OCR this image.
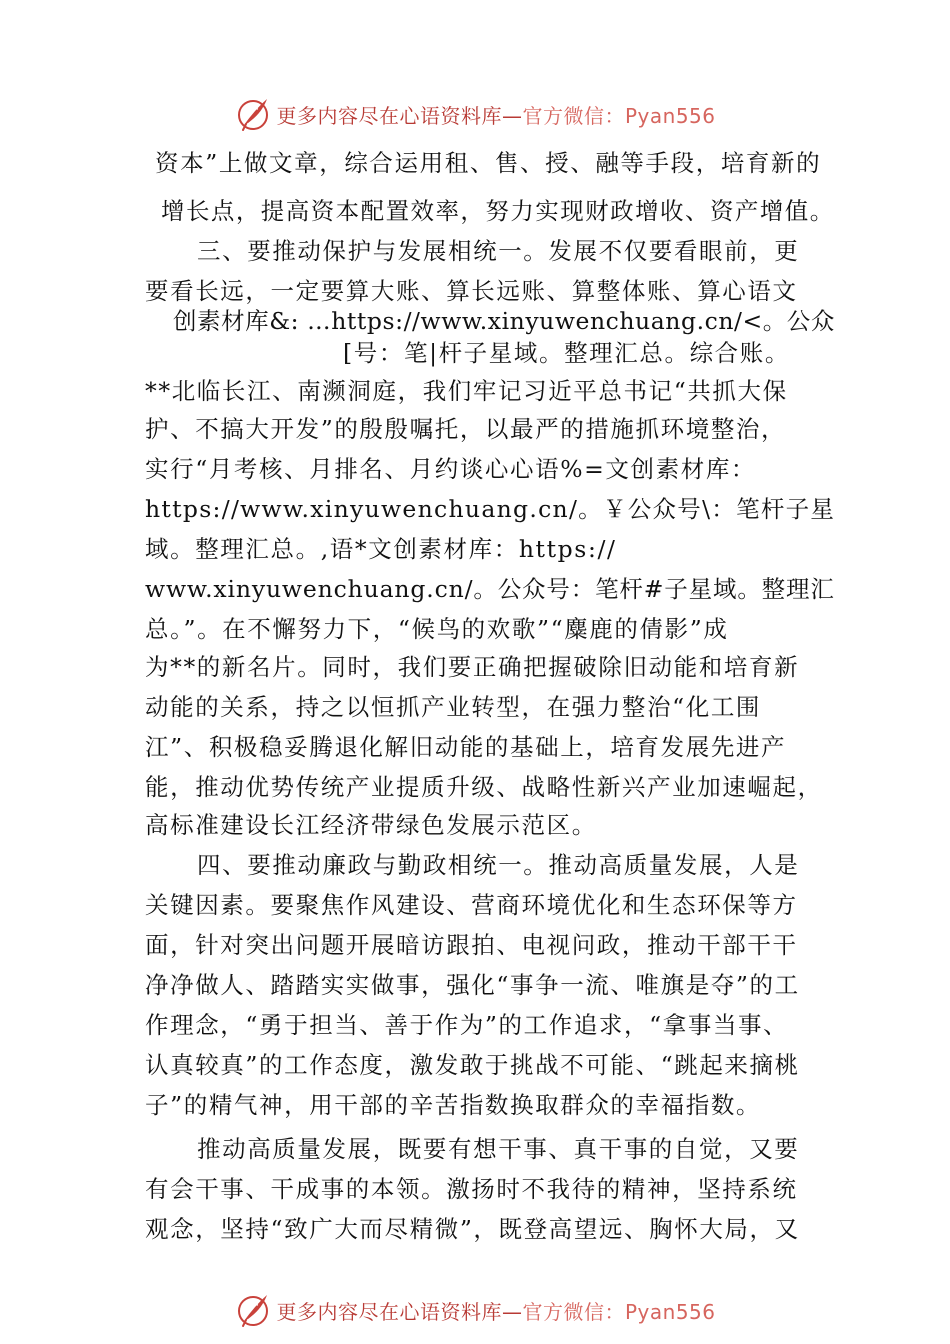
更多内容尽在心语资料库—官方微信：Pyan556
资本”上做文章，综合运用租、售、授、融等手段，培育新的
增长点，提高资本配置效率，努力实现财政增收、资产增值。
三、要推动保护与发展相统一。发展不仅要看眼前，更
要看长远，一定要算大账、算长远账、算整体账、算心语文
创素材库&: …https://www.xinyuwenchuang.cn/<。公众
[号：笔|杆子星域。整理汇总。综合账。
**北临长江、南濒洞庭，我们牢记习近平总书记“共抓大保
护、不搞大开发”的殷殷嘱托，以最严的措施抓环境整治，
实行“月考核、月排名、月约谈心心语%=文创素材库：
https://www.xinyuwenchuang.cn/。￥公众号\：笔杆子星
域。整理汇总。,语*文创素材库：https://
www.xinyuwenchuang.cn/。公众号：笔杆#子星域。整理汇
总。”。在不懈努力下，“候鸟的欢歌”“麋鹿的倩影”成
为**的新名片。同时，我们要正确把握破除旧动能和培育新
动能的关系，持之以恒抓产业转型，在强力整治“化工围
江”、积极稳妥腾退化解旧动能的基础上，培育发展先进产
能，推动优势传统产业提质升级、战略性新兴产业加速崛起，
高标准建设长江经济带绿色发展示范区。
四、要推动廉政与勤政相统一。推动高质量发展，人是
关键因素。要聚焦作风建设、营商环境优化和生态环保等方
面，针对突出问题开展暗访跟拍、电视问政，推动干部干干
净净做人、踏踏实实做事，强化“事争一流、唯旗是夺”的工
作理念，“勇于担当、善于作为”的工作追求，“拿事当事、
认真较真”的工作态度，激发敢于挑战不可能、“跳起来摘桃
子”的精气神，用干部的辛苦指数换取群众的幸福指数。
推动高质量发展，既要有想干事、真干事的自觉，又要
有会干事、干成事的本领。激扬时不我待的精神，坚持系统
观念，坚持“致广大而尽精微”，既登高望远、胸怀大局，又
更多内容尽在心语资料库—官方微信：Pyan556
